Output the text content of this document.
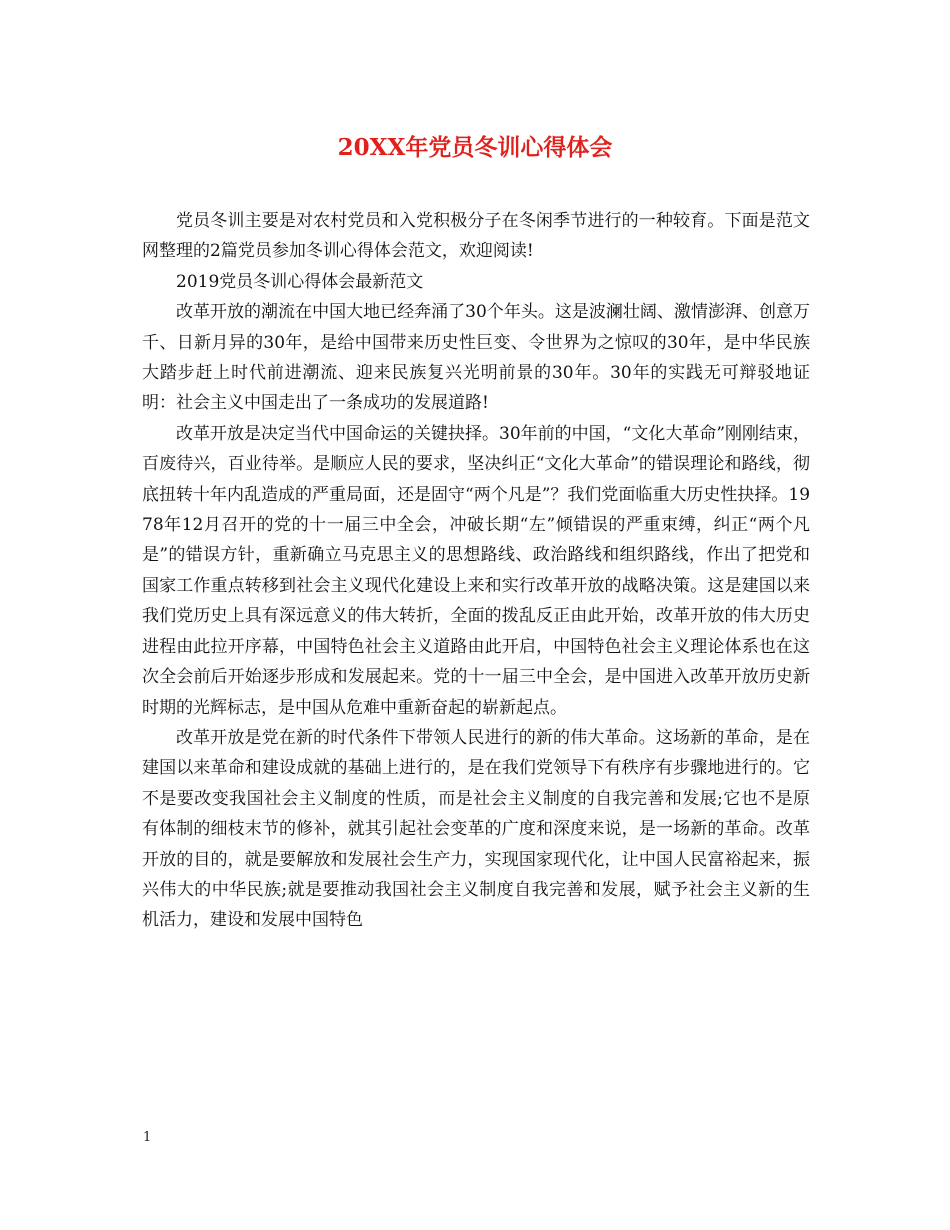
20XX年党员冬训心得体会

党员冬训主要是对农村党员和入党积极分子在冬闲季节进行的一种较育。下面是范文网整理的2篇党员参加冬训心得体会范文，欢迎阅读!

2019党员冬训心得体会最新范文

改革开放的潮流在中国大地已经奔涌了30个年头。这是波澜壮阔、激情澎湃、创意万千、日新月异的30年，是给中国带来历史性巨变、令世界为之惊叹的30年，是中华民族大踏步赶上时代前进潮流、迎来民族复兴光明前景的30年。30年的实践无可辩驳地证明：社会主义中国走出了一条成功的发展道路!

改革开放是决定当代中国命运的关键抉择。30年前的中国，“文化大革命”刚刚结束，百废待兴，百业待举。是顺应人民的要求，坚决纠正“文化大革命”的错误理论和路线，彻底扭转十年内乱造成的严重局面，还是固守“两个凡是”？我们党面临重大历史性抉择。1978年12月召开的党的十一届三中全会，冲破长期“左”倾错误的严重束缚，纠正“两个凡是”的错误方针，重新确立马克思主义的思想路线、政治路线和组织路线，作出了把党和国家工作重点转移到社会主义现代化建设上来和实行改革开放的战略决策。这是建国以来我们党历史上具有深远意义的伟大转折，全面的拨乱反正由此开始，改革开放的伟大历史进程由此拉开序幕，中国特色社会主义道路由此开启，中国特色社会主义理论体系也在这次全会前后开始逐步形成和发展起来。党的十一届三中全会，是中国进入改革开放历史新时期的光辉标志，是中国从危难中重新奋起的崭新起点。

改革开放是党在新的时代条件下带领人民进行的新的伟大革命。这场新的革命，是在建国以来革命和建设成就的基础上进行的，是在我们党领导下有秩序有步骤地进行的。它不是要改变我国社会主义制度的性质，而是社会主义制度的自我完善和发展;它也不是原有体制的细枝末节的修补，就其引起社会变革的广度和深度来说，是一场新的革命。改革开放的目的，就是要解放和发展社会生产力，实现国家现代化，让中国人民富裕起来，振兴伟大的中华民族;就是要推动我国社会主义制度自我完善和发展，赋予社会主义新的生机活力，建设和发展中国特色

1
